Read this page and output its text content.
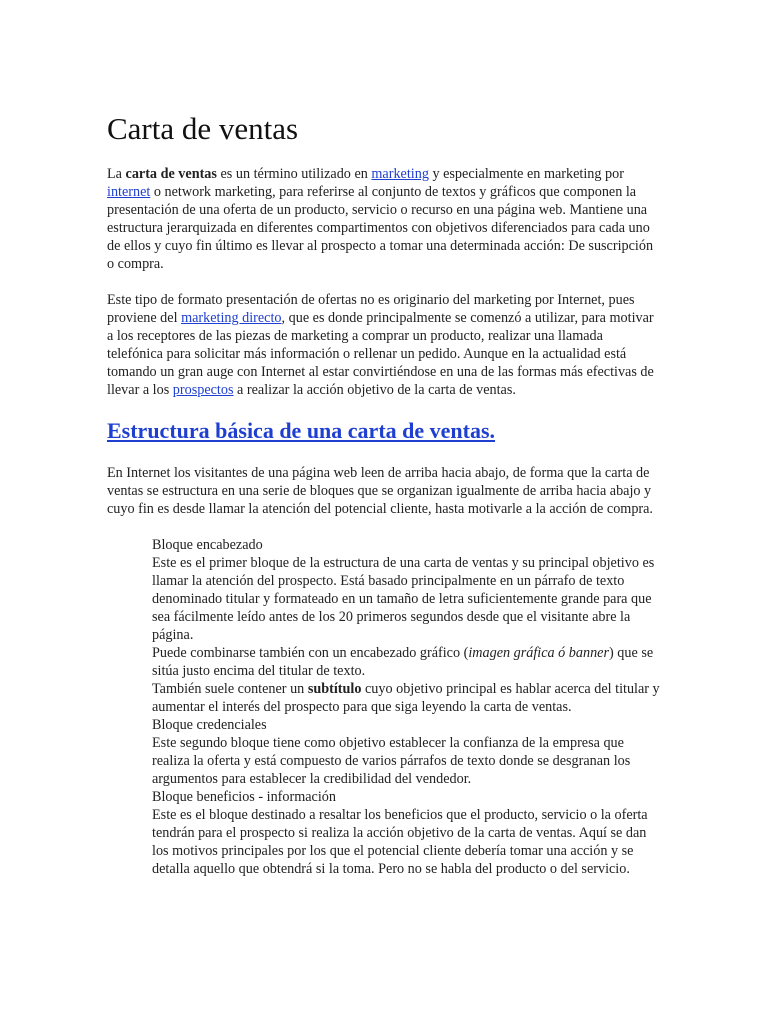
Carta de ventas

La carta de ventas es un término utilizado en marketing y especialmente en marketing por internet o network marketing, para referirse al conjunto de textos y gráficos que componen la presentación de una oferta de un producto, servicio o recurso en una página web. Mantiene una estructura jerarquizada en diferentes compartimentos con objetivos diferenciados para cada uno de ellos y cuyo fin último es llevar al prospecto a tomar una determinada acción: De suscripción o compra.

Este tipo de formato presentación de ofertas no es originario del marketing por Internet, pues proviene del marketing directo, que es donde principalmente se comenzó a utilizar, para motivar a los receptores de las piezas de marketing a comprar un producto, realizar una llamada telefónica para solicitar más información o rellenar un pedido. Aunque en la actualidad está tomando un gran auge con Internet al estar convirtiéndose en una de las formas más efectivas de llevar a los prospectos a realizar la acción objetivo de la carta de ventas.

Estructura básica de una carta de ventas.

En Internet los visitantes de una página web leen de arriba hacia abajo, de forma que la carta de ventas se estructura en una serie de bloques que se organizan igualmente de arriba hacia abajo y cuyo fin es desde llamar la atención del potencial cliente, hasta motivarle a la acción de compra.

Bloque encabezado
Este es el primer bloque de la estructura de una carta de ventas y su principal objetivo es llamar la atención del prospecto. Está basado principalmente en un párrafo de texto denominado titular y formateado en un tamaño de letra suficientemente grande para que sea fácilmente leído antes de los 20 primeros segundos desde que el visitante abre la página.
Puede combinarse también con un encabezado gráfico (imagen gráfica ó banner) que se sitúa justo encima del titular de texto.
También suele contener un subtítulo cuyo objetivo principal es hablar acerca del titular y aumentar el interés del prospecto para que siga leyendo la carta de ventas.
Bloque credenciales
Este segundo bloque tiene como objetivo establecer la confianza de la empresa que realiza la oferta y está compuesto de varios párrafos de texto donde se desgranan los argumentos para establecer la credibilidad del vendedor.
Bloque beneficios - información
Este es el bloque destinado a resaltar los beneficios que el producto, servicio o la oferta tendrán para el prospecto si realiza la acción objetivo de la carta de ventas. Aquí se dan los motivos principales por los que el potencial cliente debería tomar una acción y se detalla aquello que obtendrá si la toma. Pero no se habla del producto o del servicio.
